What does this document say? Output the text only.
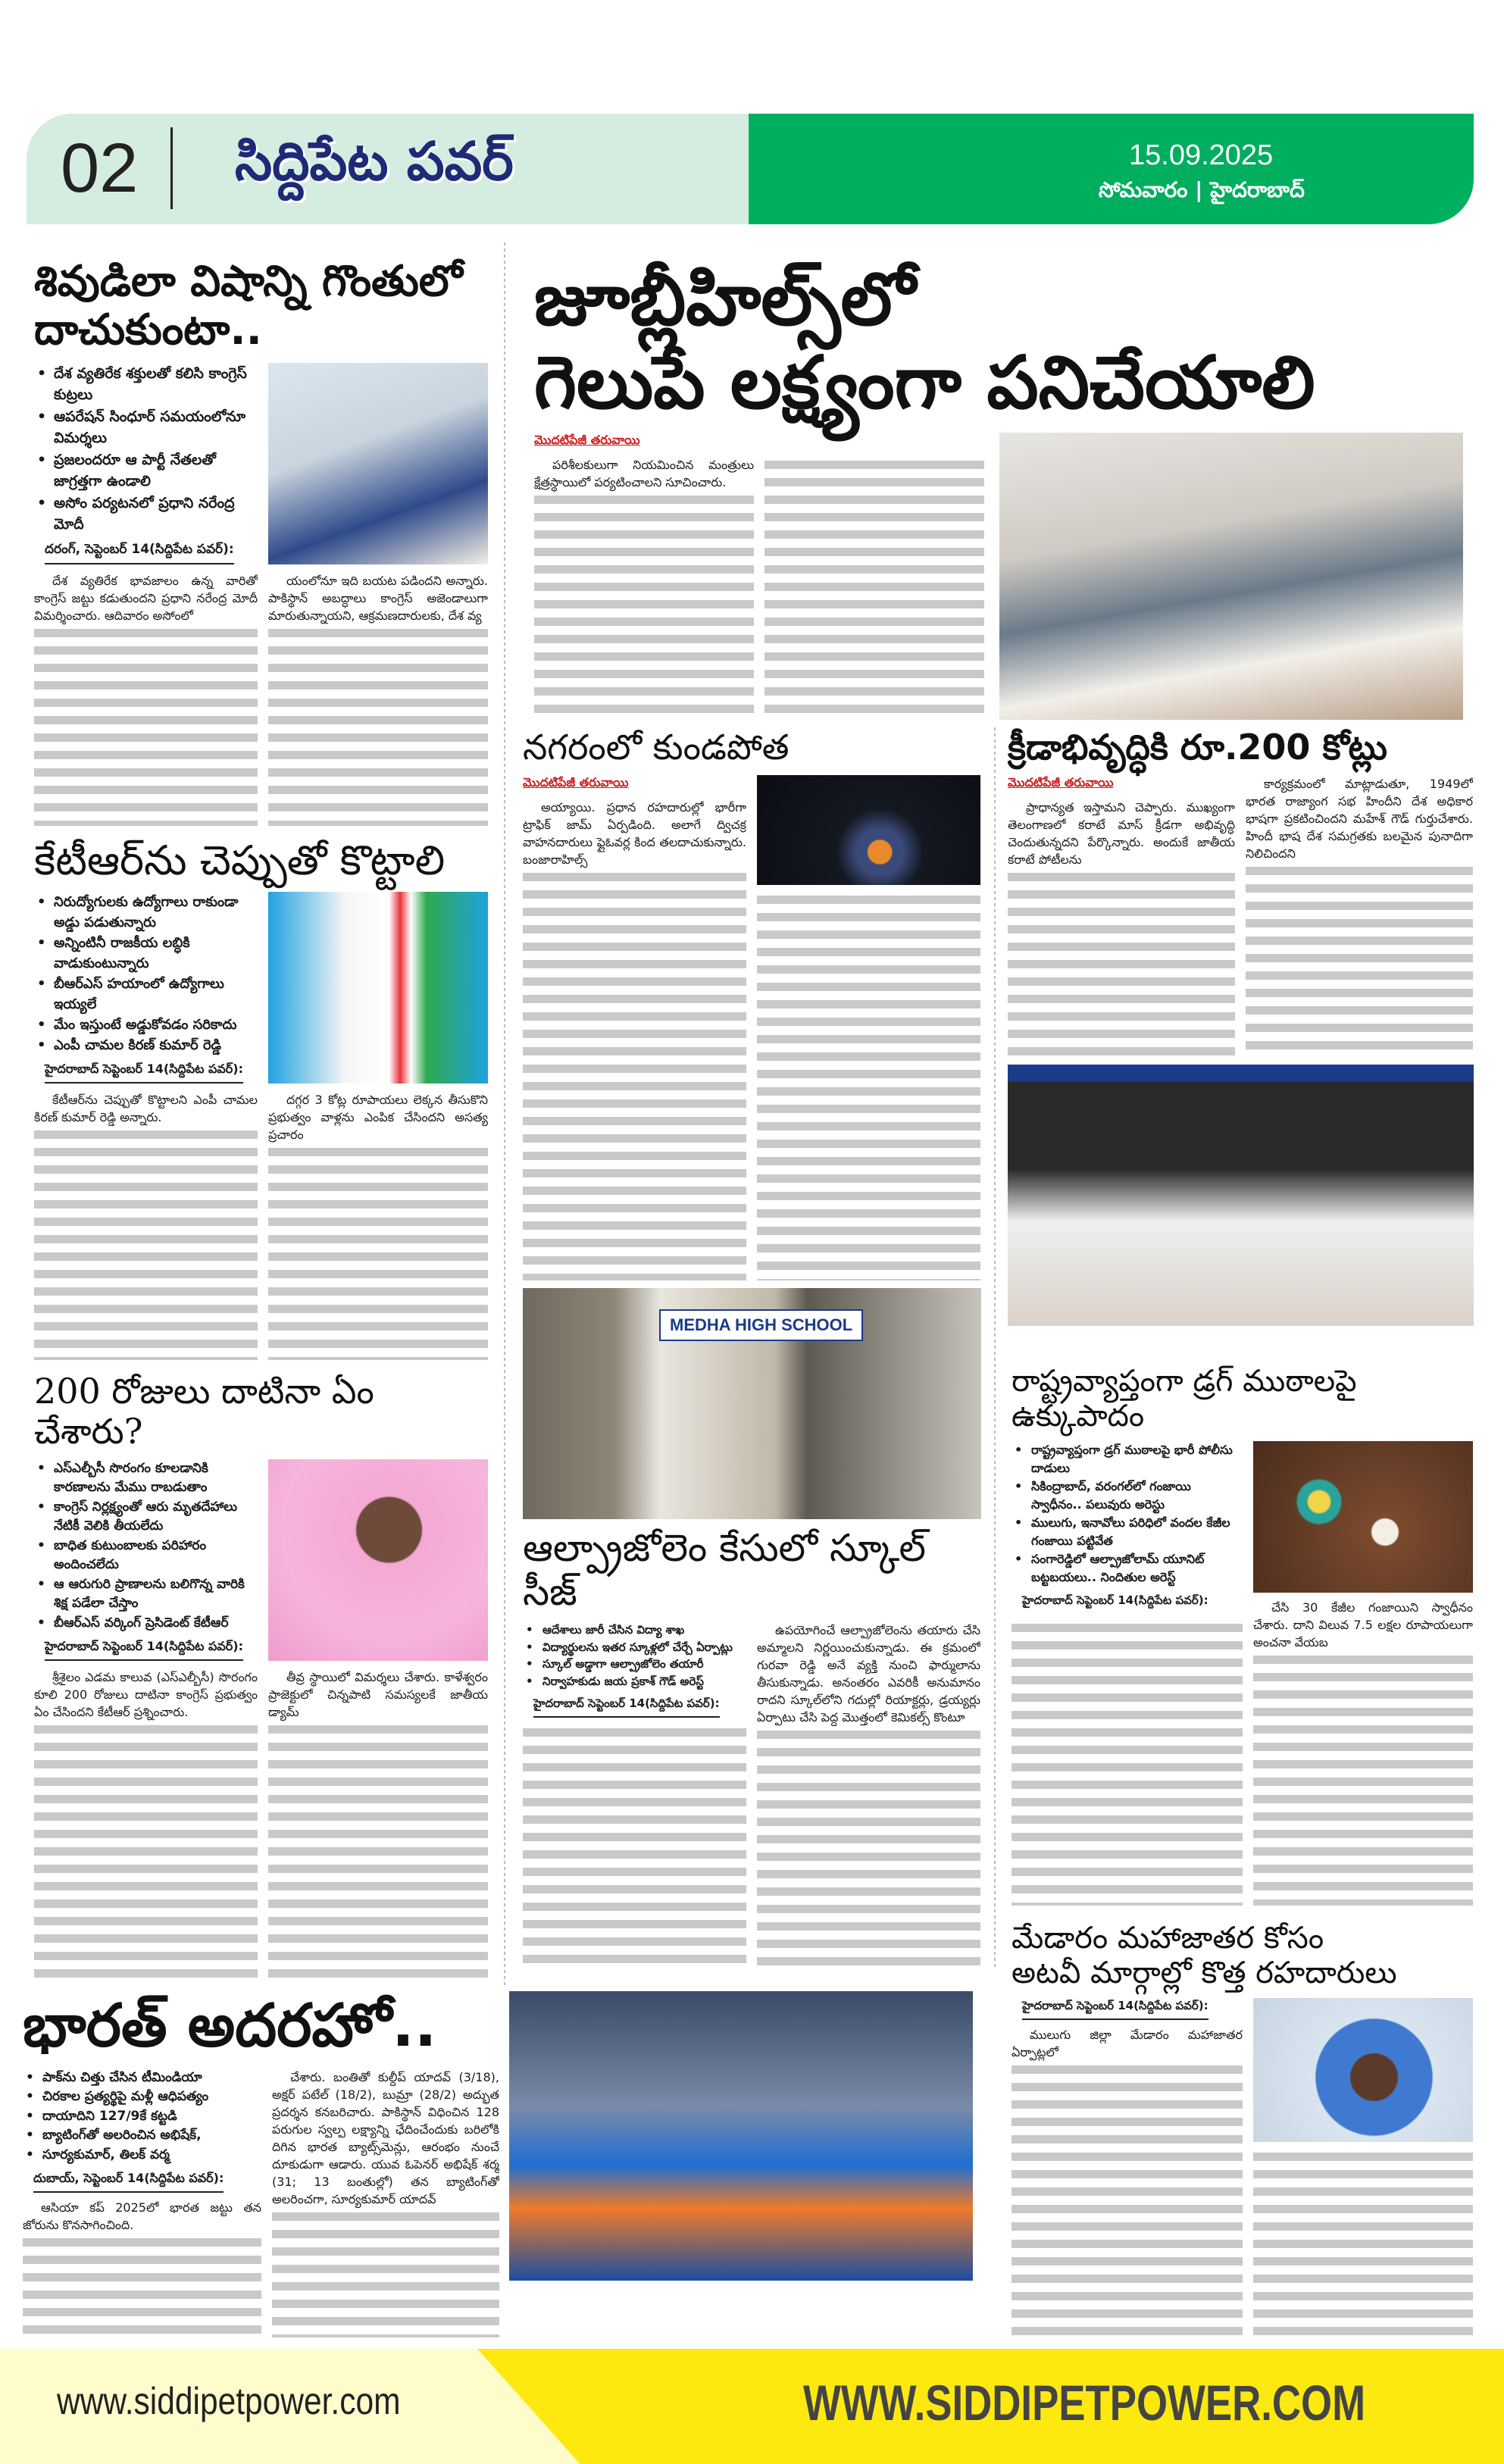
02 సిద్దిపేట పవర్	15.09.2025
సోమవారం | హైదరాబాద్
శివుడిలా విషాన్ని గొంతులో దాచుకుంటా..
• దేశ వ్యతిరేక శక్తులతో కలిసి కాంగ్రెస్ కుట్రలు
• ఆపరేషన్ సింధూర్ సమయంలోనూ విమర్శలు
• ప్రజలందరూ ఆ పార్టీ నేతలతో జాగ్రత్తగా ఉండాలి
• అసోం పర్యటనలో ప్రధాని నరేంద్ర మోదీ
దరంగ్, సెప్టెంబర్ 14(సిద్దిపేట పవర్):

దేశ వ్యతిరేక భావజాలం ఉన్న వారితో కాంగ్రెస్ జట్టు కడుతుందని ప్రధాని నరేంద్ర మోదీ విమర్శించారు. ఆదివారం అసోంలో

యంలోనూ ఇది బయట పడిందని అన్నారు. పాకిస్థాన్ అబద్ధాలు కాంగ్రెస్ అజెండాలుగా మారుతున్నాయని, ఆక్రమణదారులకు, దేశ వ్య

కేటీఆర్‌ను చెప్పుతో కొట్టాలి
• నిరుద్యోగులకు ఉద్యోగాలు రాకుండా అడ్డు పడుతున్నారు
• అన్నింటినీ రాజకీయ లబ్ధికి వాడుకుంటున్నారు
• బీఆర్ఎస్ హయాంలో ఉద్యోగాలు ఇయ్యలే
• మేం ఇస్తుంటే అడ్డుకోవడం సరికాదు
• ఎంపీ చామల కిరణ్ కుమార్ రెడ్డి
హైదరాబాద్ సెప్టెంబర్ 14(సిద్దిపేట పవర్):

కేటీఆర్‌ను చెప్పుతో కొట్టాలని ఎంపీ చామల కిరణ్ కుమార్ రెడ్డి అన్నారు.

దగ్గర 3 కోట్ల రూపాయలు లెక్కన తీసుకొని ప్రభుత్వం వాళ్లను ఎంపిక చేసిందని అసత్య ప్రచారం

200 రోజులు దాటినా ఏం చేశారు?
• ఎస్ఎల్బీసీ సొరంగం కూలడానికి కారణాలను మేము రాబడుతాం
• కాంగ్రెస్ నిర్లక్ష్యంతో ఆరు మృతదేహాలు నేటికీ వెలికి తీయలేదు
• బాధిత కుటుంబాలకు పరిహారం అందించలేదు
• ఆ ఆరుగురి ప్రాణాలను బలిగొన్న వారికి శిక్ష పడేలా చేస్తాం
• బీఆర్ఎస్ వర్కింగ్ ప్రెసిడెంట్ కేటీఆర్
హైదరాబాద్ సెప్టెంబర్ 14(సిద్దిపేట పవర్):

శ్రీశైలం ఎడమ కాలువ (ఎస్ఎల్బీసీ) సొరంగం కూలి 200 రోజులు దాటినా కాంగ్రెస్ ప్రభుత్వం ఏం చేసిందని కేటీఆర్ ప్రశ్నించారు.

తీవ్ర స్థాయిలో విమర్శలు చేశారు. కాళేశ్వరం ప్రాజెక్టులో చిన్నపాటి సమస్యలకే జాతీయ డ్యామ్

భారత్ అదరహో..
• పాక్‌ను చిత్తు చేసిన టీమిండియా
• చిరకాల ప్రత్యర్థిపై మళ్లీ ఆధిపత్యం
• దాయాదిని 127/9కే కట్టడి
• బ్యాటింగ్‌తో అలరించిన అభిషేక్,
• సూర్యకుమార్, తిలక్ వర్మ
దుబాయ్, సెప్టెంబర్ 14(సిద్దిపేట పవర్):

ఆసియా కప్ 2025లో భారత జట్టు తన జోరును కొనసాగించింది.

చేశారు. బంతితో కుల్దీప్ యాదవ్ (3/18), అక్షర్ పటేల్ (18/2), బుమ్రా (28/2) అద్భుత ప్రదర్శన కనబరిచారు. పాకిస్థాన్ విధించిన 128 పరుగుల స్వల్ప లక్ష్యాన్ని ఛేదించేందుకు బరిలోకి దిగిన భారత బ్యాట్స్‌మెన్లు, ఆరంభం నుంచే దూకుడుగా ఆడారు. యువ ఓపెనర్ అభిషేక్ శర్మ (31; 13 బంతుల్లో) తన బ్యాటింగ్‌తో అలరించగా, సూర్యకుమార్ యాదవ్

జూబ్లీహిల్స్‌లో
గెలుపే లక్ష్యంగా పనిచేయాలి
మొదటిపేజీ తరువాయి

పరిశీలకులుగా నియమించిన మంత్రులు క్షేత్రస్థాయిలో పర్యటించాలని సూచించారు.

నగరంలో కుండపోత
మొదటిపేజీ తరువాయి

అయ్యాయి. ప్రధాన రహదారుల్లో భారీగా ట్రాఫిక్ జామ్ ఏర్పడింది. అలాగే ద్విచక్ర వాహనదారులు ఫ్లైఓవర్ల కింద తలదాచుకున్నారు. బంజారాహిల్స్

MEDHA HIGH SCHOOL
ఆల్ప్రాజోలెం కేసులో స్కూల్ సీజ్
• ఆదేశాలు జారీ చేసిన విద్యా శాఖ
• విద్యార్థులను ఇతర స్కూళ్లలో చేర్చే ఏర్పాట్లు
• స్కూల్ అడ్డాగా ఆల్ప్రాజోలెం తయారీ
• నిర్వాహకుడు జయ ప్రకాశ్ గౌడ్ అరెస్ట్
హైదరాబాద్ సెప్టెంబర్ 14(సిద్దిపేట పవర్):

ఉపయోగించే ఆల్ప్రాజోలెంను తయారు చేసి అమ్మాలని నిర్ణయించుకున్నాడు. ఈ క్రమంలో గురవా రెడ్డి అనే వ్యక్తి నుంచి ఫార్ములాను తీసుకున్నాడు. అనంతరం ఎవరికీ అనుమానం రాదని స్కూల్‌లోని గదుల్లో రియాక్టర్లు, డ్రయ్యర్లు ఏర్పాటు చేసి పెద్ద మొత్తంలో కెమికల్స్ కొంటూ

క్రీడాభివృద్ధికి రూ.200 కోట్లు
మొదటిపేజీ తరువాయి

ప్రాధాన్యత ఇస్తామని చెప్పారు. ముఖ్యంగా తెలంగాణలో కరాటే మాస్ క్రీడగా అభివృద్ధి చెందుతున్నదని పేర్కొన్నారు. అందుకే జాతీయ కరాటే పోటీలను

కార్యక్రమంలో మాట్లాడుతూ, 1949లో భారత రాజ్యాంగ సభ హిందీని దేశ అధికార భాషగా ప్రకటించిందని మహేశ్ గౌడ్ గుర్తుచేశారు. హిందీ భాష దేశ సమగ్రతకు బలమైన పునాదిగా నిలిచిందని

రాష్ట్రవ్యాప్తంగా డ్రగ్ ముఠాలపై ఉక్కుపాదం
• రాష్ట్రవ్యాప్తంగా డ్రగ్ ముఠాలపై భారీ పోలీసు దాడులు
• సికింద్రాబాద్, వరంగల్‌లో గంజాయి స్వాధీనం.. పలువురు అరెస్టు
• ములుగు, ఇనావోలు పరిధిలో వందల కేజీల గంజాయి పట్టివేత
• సంగారెడ్డిలో ఆల్ప్రాజోలామ్ యూనిట్ బట్టబయలు.. నిందితుల అరెస్ట్
హైదరాబాద్ సెప్టెంబర్ 14(సిద్దిపేట పవర్):	చేసి 30 కేజీల గంజాయిని స్వాధీనం చేశారు. దాని విలువ 7.5 లక్షల రూపాయలుగా అంచనా వేయబ

మేడారం మహాజాతర కోసం
అటవీ మార్గాల్లో కొత్త రహదారులు
హైదరాబాద్ సెప్టెంబర్ 14(సిద్దిపేట పవర్):

ములుగు జిల్లా మేడారం మహాజాతర ఏర్పాట్లలో

www.siddipetpower.com	WWW.SIDDIPETPOWER.COM
